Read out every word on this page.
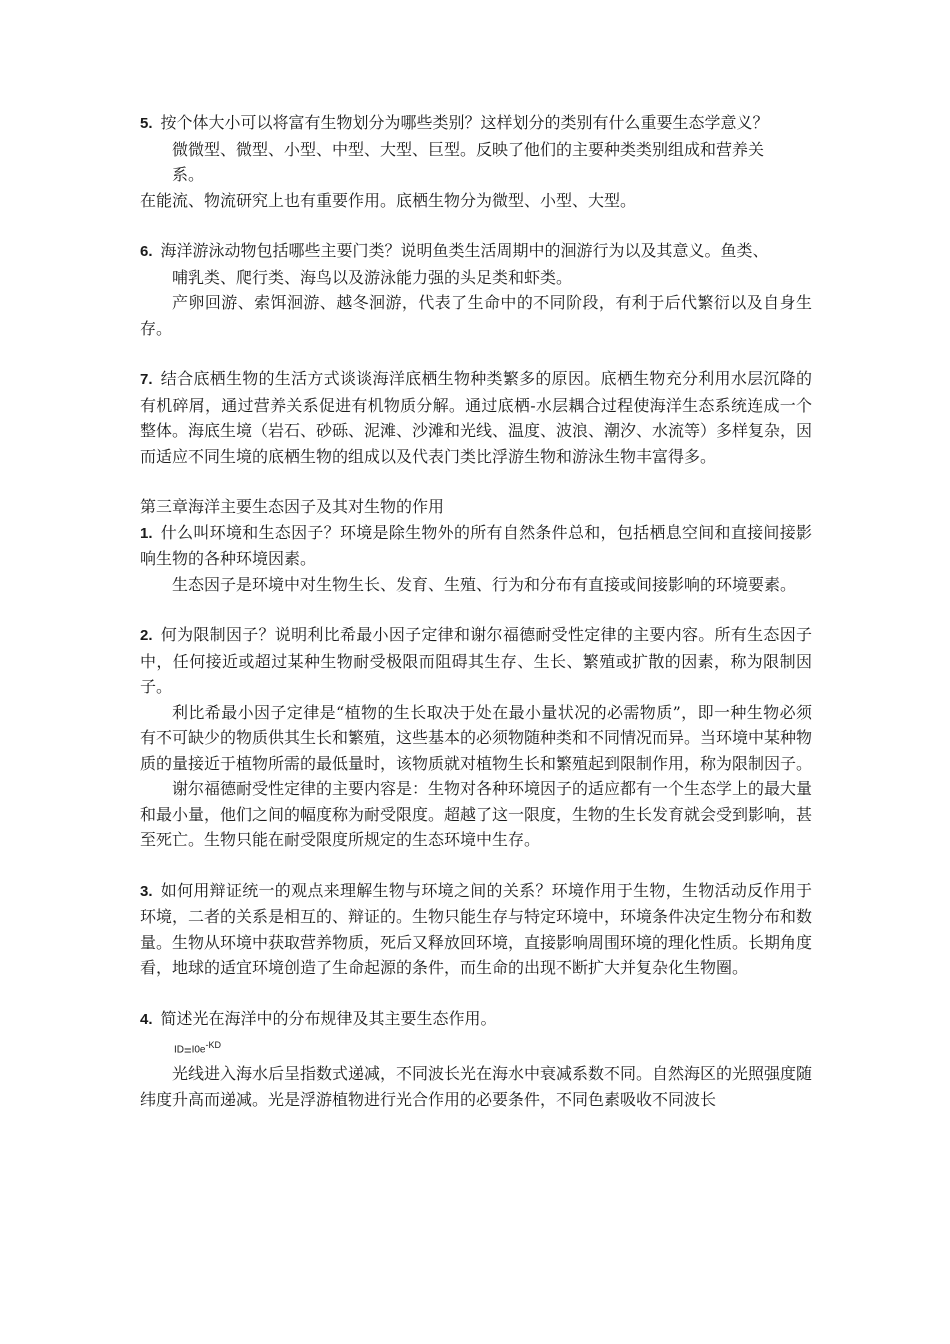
5. 按个体大小可以将富有生物划分为哪些类别？这样划分的类别有什么重要生态学意义？

微微型、微型、小型、中型、大型、巨型。反映了他们的主要种类类别组成和营养关

系。

在能流、物流研究上也有重要作用。底栖生物分为微型、小型、大型。

6. 海洋游泳动物包括哪些主要门类？说明鱼类生活周期中的洄游行为以及其意义。鱼类、

哺乳类、爬行类、海鸟以及游泳能力强的头足类和虾类。

产卵回游、索饵洄游、越冬洄游，代表了生命中的不同阶段，有利于后代繁衍以及自身生存。

7. 结合底栖生物的生活方式谈谈海洋底栖生物种类繁多的原因。底栖生物充分利用水层沉降的有机碎屑，通过营养关系促进有机物质分解。通过底栖-水层耦合过程使海洋生态系统连成一个整体。海底生境（岩石、砂砾、泥滩、沙滩和光线、温度、波浪、潮汐、水流等）多样复杂，因而适应不同生境的底栖生物的组成以及代表门类比浮游生物和游泳生物丰富得多。

第三章海洋主要生态因子及其对生物的作用

1. 什么叫环境和生态因子？环境是除生物外的所有自然条件总和，包括栖息空间和直接间接影响生物的各种环境因素。

生态因子是环境中对生物生长、发育、生殖、行为和分布有直接或间接影响的环境要素。

2. 何为限制因子？说明利比希最小因子定律和谢尔福德耐受性定律的主要内容。所有生态因子中，任何接近或超过某种生物耐受极限而阻碍其生存、生长、繁殖或扩散的因素，称为限制因子。

利比希最小因子定律是“植物的生长取决于处在最小量状况的必需物质”，即一种生物必须有不可缺少的物质供其生长和繁殖，这些基本的必须物随种类和不同情况而异。当环境中某种物质的量接近于植物所需的最低量时，该物质就对植物生长和繁殖起到限制作用，称为限制因子。

谢尔福德耐受性定律的主要内容是：生物对各种环境因子的适应都有一个生态学上的最大量和最小量，他们之间的幅度称为耐受限度。超越了这一限度，生物的生长发育就会受到影响，甚至死亡。生物只能在耐受限度所规定的生态环境中生存。

3. 如何用辩证统一的观点来理解生物与环境之间的关系？环境作用于生物，生物活动反作用于环境，二者的关系是相互的、辩证的。生物只能生存与特定环境中，环境条件决定生物分布和数量。生物从环境中获取营养物质，死后又释放回环境，直接影响周围环境的理化性质。长期角度看，地球的适宜环境创造了生命起源的条件，而生命的出现不断扩大并复杂化生物圈。

4. 简述光在海洋中的分布规律及其主要生态作用。

$ID=I0e^{-KD}$

光线进入海水后呈指数式递减，不同波长光在海水中衰减系数不同。自然海区的光照强度随纬度升高而递减。光是浮游植物进行光合作用的必要条件，不同色素吸收不同波长
